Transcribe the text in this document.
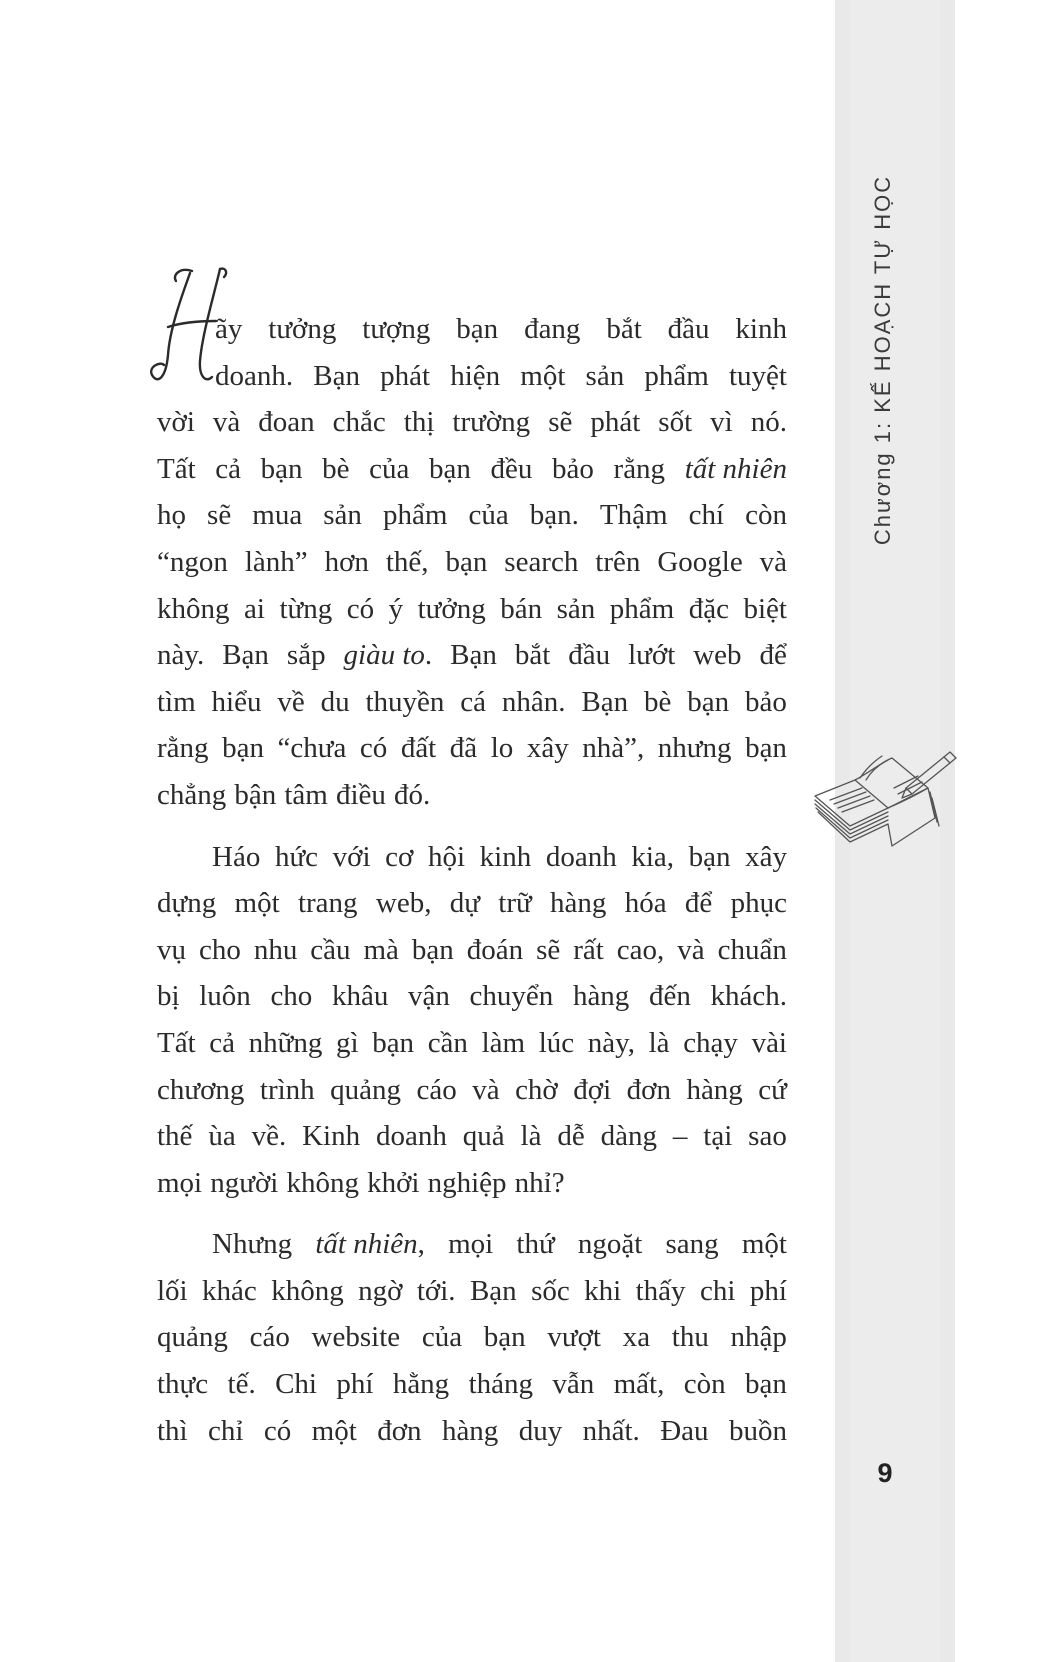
Chương 1: KẾ HOẠCH TỰ HỌC
9
ãy tưởng tượng bạn đang bắt đầu kinh
doanh. Bạn phát hiện một sản phẩm tuyệt
vời và đoan chắc thị trường sẽ phát sốt vì nó.
Tất cả bạn bè của bạn đều bảo rằng tất nhiên
họ sẽ mua sản phẩm của bạn. Thậm chí còn
“ngon lành” hơn thế, bạn search trên Google và
không ai từng có ý tưởng bán sản phẩm đặc biệt
này. Bạn sắp giàu to. Bạn bắt đầu lướt web để
tìm hiểu về du thuyền cá nhân. Bạn bè bạn bảo
rằng bạn “chưa có đất đã lo xây nhà”, nhưng bạn
chẳng bận tâm điều đó.
Háo hức với cơ hội kinh doanh kia, bạn xây
dựng một trang web, dự trữ hàng hóa để phục
vụ cho nhu cầu mà bạn đoán sẽ rất cao, và chuẩn
bị luôn cho khâu vận chuyển hàng đến khách.
Tất cả những gì bạn cần làm lúc này, là chạy vài
chương trình quảng cáo và chờ đợi đơn hàng cứ
thế ùa về. Kinh doanh quả là dễ dàng – tại sao
mọi người không khởi nghiệp nhỉ?
Nhưng tất nhiên, mọi thứ ngoặt sang một
lối khác không ngờ tới. Bạn sốc khi thấy chi phí
quảng cáo website của bạn vượt xa thu nhập
thực tế. Chi phí hằng tháng vẫn mất, còn bạn
thì chỉ có một đơn hàng duy nhất. Đau buồn
